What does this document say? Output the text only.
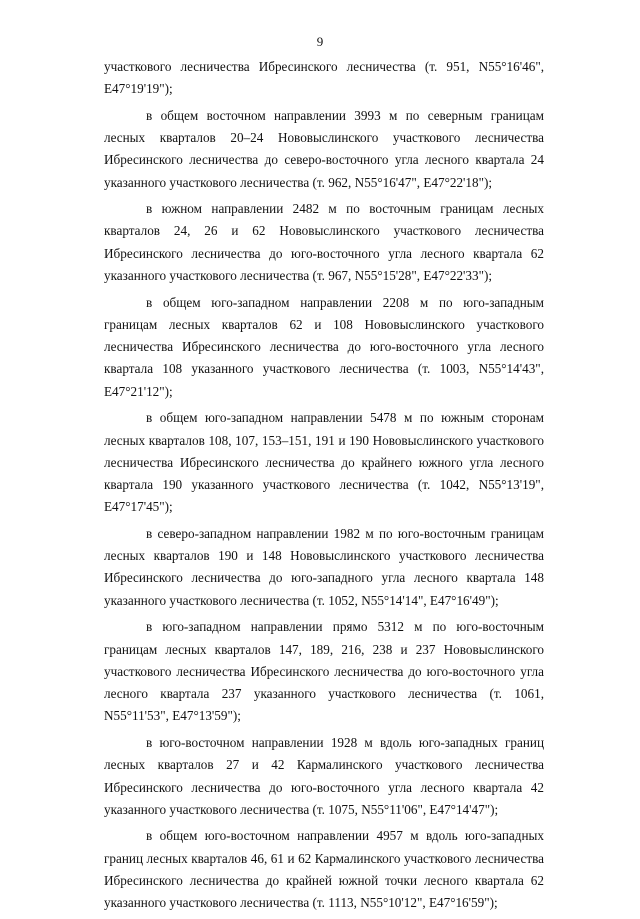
9

участкового лесничества Ибресинского лесничества (т. 951, N55°16'46", E47°19'19");

в общем восточном направлении 3993 м по северным границам лесных кварталов 20–24 Нововыслинского участкового лесничества Ибресинского лесничества до северо-восточного угла лесного квартала 24 указанного участкового лесничества (т. 962, N55°16'47", E47°22'18");

в южном направлении 2482 м по восточным границам лесных кварталов 24, 26 и 62 Нововыслинского участкового лесничества Ибресинского лесничества до юго-восточного угла лесного квартала 62 указанного участкового лесничества (т. 967, N55°15'28", E47°22'33");

в общем юго-западном направлении 2208 м по юго-западным границам лесных кварталов 62 и 108 Нововыслинского участкового лесничества Ибресинского лесничества до юго-восточного угла лесного квартала 108 указанного участкового лесничества (т. 1003, N55°14'43", E47°21'12");

в общем юго-западном направлении 5478 м по южным сторонам лесных кварталов 108, 107, 153–151, 191 и 190 Нововыслинского участкового лесничества Ибресинского лесничества до крайнего южного угла лесного квартала 190 указанного участкового лесничества (т. 1042, N55°13'19", E47°17'45");

в северо-западном направлении 1982 м по юго-восточным границам лесных кварталов 190 и 148 Нововыслинского участкового лесничества Ибресинского лесничества до юго-западного угла лесного квартала 148 указанного участкового лесничества (т. 1052, N55°14'14", E47°16'49");

в юго-западном направлении прямо 5312 м по юго-восточным границам лесных кварталов 147, 189, 216, 238 и 237 Нововыслинского участкового лесничества Ибресинского лесничества до юго-восточного угла лесного квартала 237 указанного участкового лесничества (т. 1061, N55°11'53", E47°13'59");

в юго-восточном направлении 1928 м вдоль юго-западных границ лесных кварталов 27 и 42 Кармалинского участкового лесничества Ибресинского лесничества до юго-восточного угла лесного квартала 42 указанного участкового лесничества (т. 1075, N55°11'06", E47°14'47");

в общем юго-восточном направлении 4957 м вдоль юго-западных границ лесных кварталов 46, 61 и 62 Кармалинского участкового лесничества Ибресинского лесничества до крайней южной точки лесного квартала 62 указанного участкового лесничества (т. 1113, N55°10'12", E47°16'59");
